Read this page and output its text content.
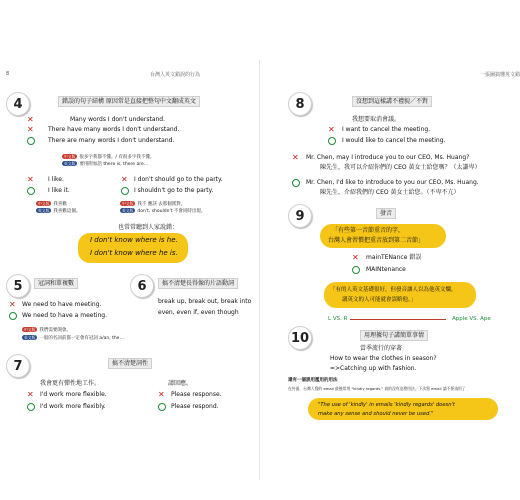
8	台灣人英文錯誤的行為
4	錯誤的句子結構 原因常是直接把整句中文翻成英文
✕	Many words I don't understand.
✕ There have many words I don't understand.
There are many words I don't understand.
中文版 很多字我都不懂。/ 有很多字我不懂。
英文版 要用附加語 there is, there are…
✕ I like.
I like it.
✕ I don't should go to the party.
I shouldn't go to the party.
中文版 我喜歡
英文版 我喜歡這個。
中文版 我不 應該 去那個派對。
英文版 don't, shouldn't 不會同時出現。
也常常聽到人家說錯：
I don't know where is he.
I don't know where he is.
5	冠詞和單複數
✕ We need to have meeting.
We need to have a meeting.
中文版 我們需要開會。
英文版 一般的名詞前都一定會有冠詞 a/an, the…
6	搞不清楚長得像的片語動詞
break up, break out, break into
even, even if, even though
7	搞不清楚詞性
我會更有彈性地工作。
✕ I'd work more flexible.
I'd work more flexibly.
請回應。
✕ Please response.
Please respond.
一張圖搞懂英文錯
8	沒想到這樣講不禮貌／不對
我想要取消會議。
✕ I want to cancel the meeting.
I would like to cancel the meeting.
✕ Mr. Chen, may I introduce you to our CEO, Ms. Huang?
陳先生，我可以介紹你們的 CEO 黃女士給您嗎？（太謙卑）
Mr. Chen, I'd like to introduce to you our CEO, Ms. Huang.
陳先生，介紹我們的 CEO 黃女士給您。（不卑不亢）
9	發音
「有些第一音節重音的字，
台灣人會習慣把重音放到第二音節」
✕ mainTENance 錯誤
MAINtenance
「有的人英文基礎很好，但發音讓人以為他英文爛，
講英文的人可能就會誤略他。」
L VS. R	Apple VS. Ape
10	用理據句子講簡單事情
當季流行的穿著
How to wear the clothes in season?
=>Catching up with fashion.
還有一個誤用濫用的用法
在外面，台灣人寫的 email 最後常用 "kindly regards," 真的沒有這麼用法，下次寫 email 請不要再用了
"The use of 'kindly' in emails 'kindly regards' doesn't
make any sense and should never be used."
